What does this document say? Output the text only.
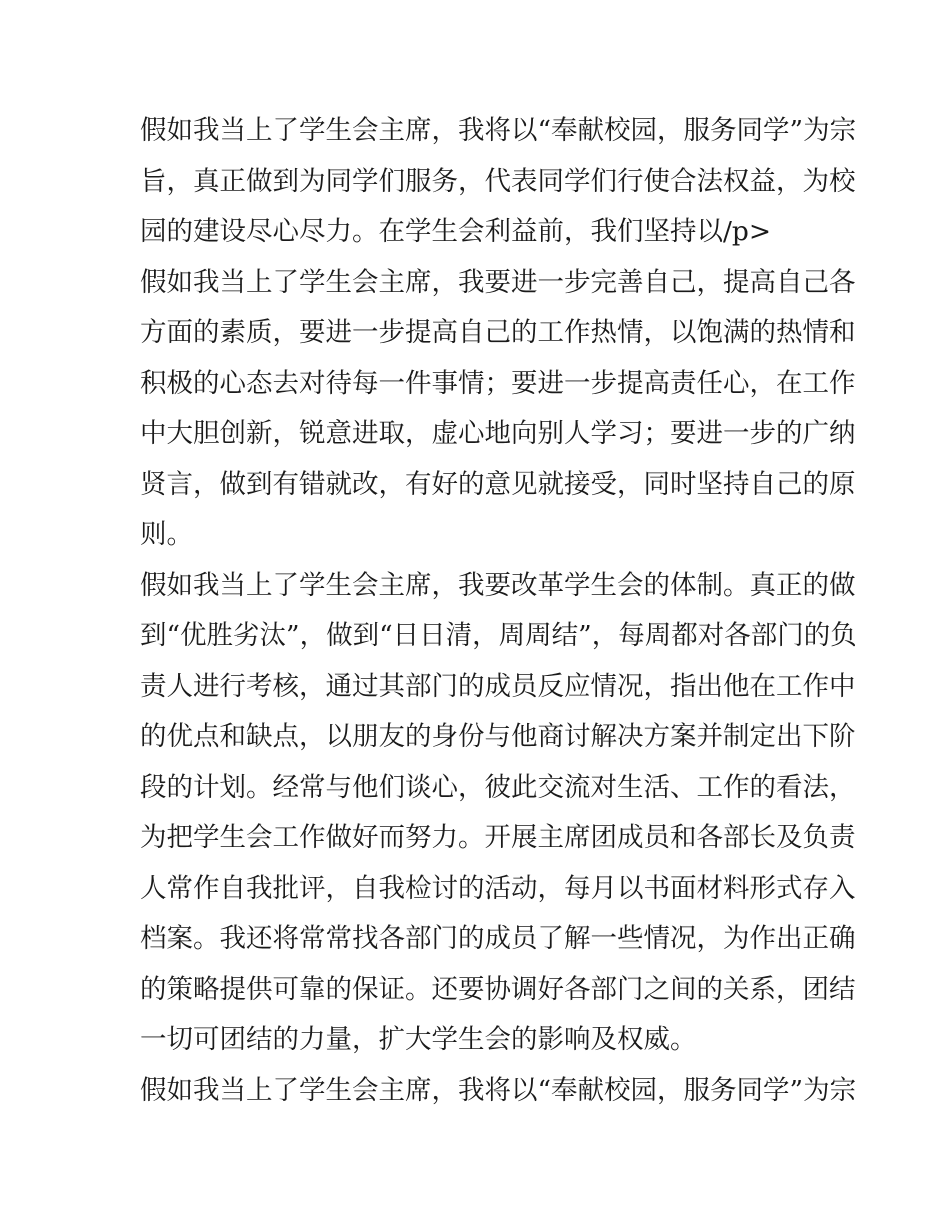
假如我当上了学生会主席，我将以“奉献校园，服务同学”为宗
旨，真正做到为同学们服务，代表同学们行使合法权益，为校
园的建设尽心尽力。在学生会利益前，我们坚持以/p>
假如我当上了学生会主席，我要进一步完善自己，提高自己各
方面的素质，要进一步提高自己的工作热情，以饱满的热情和
积极的心态去对待每一件事情；要进一步提高责任心，在工作
中大胆创新，锐意进取，虚心地向别人学习；要进一步的广纳
贤言，做到有错就改，有好的意见就接受，同时坚持自己的原
则。
假如我当上了学生会主席，我要改革学生会的体制。真正的做
到“优胜劣汰”，做到“日日清，周周结”，每周都对各部门的负
责人进行考核，通过其部门的成员反应情况，指出他在工作中
的优点和缺点，以朋友的身份与他商讨解决方案并制定出下阶
段的计划。经常与他们谈心，彼此交流对生活、工作的看法，
为把学生会工作做好而努力。开展主席团成员和各部长及负责
人常作自我批评，自我检讨的活动，每月以书面材料形式存入
档案。我还将常常找各部门的成员了解一些情况，为作出正确
的策略提供可靠的保证。还要协调好各部门之间的关系，团结
一切可团结的力量，扩大学生会的影响及权威。
假如我当上了学生会主席，我将以“奉献校园，服务同学”为宗
